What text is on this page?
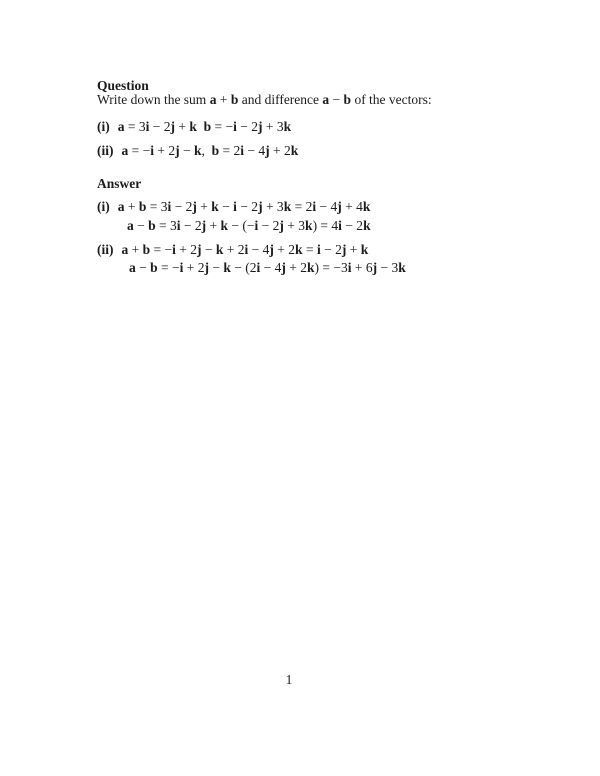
Question
Write down the sum a + b and difference a − b of the vectors:
(i) a = 3i − 2j + k b = −i − 2j + 3k
(ii) a = −i + 2j − k,  b = 2i − 4j + 2k
Answer
(i) a + b = 3i − 2j + k − i − 2j + 3k = 2i − 4j + 4k
a − b = 3i − 2j + k − (−i − 2j + 3k) = 4i − 2k
(ii) a + b = −i + 2j − k + 2i − 4j + 2k = i − 2j + k
a − b = −i + 2j − k − (2i − 4j + 2k) = −3i + 6j − 3k
1
